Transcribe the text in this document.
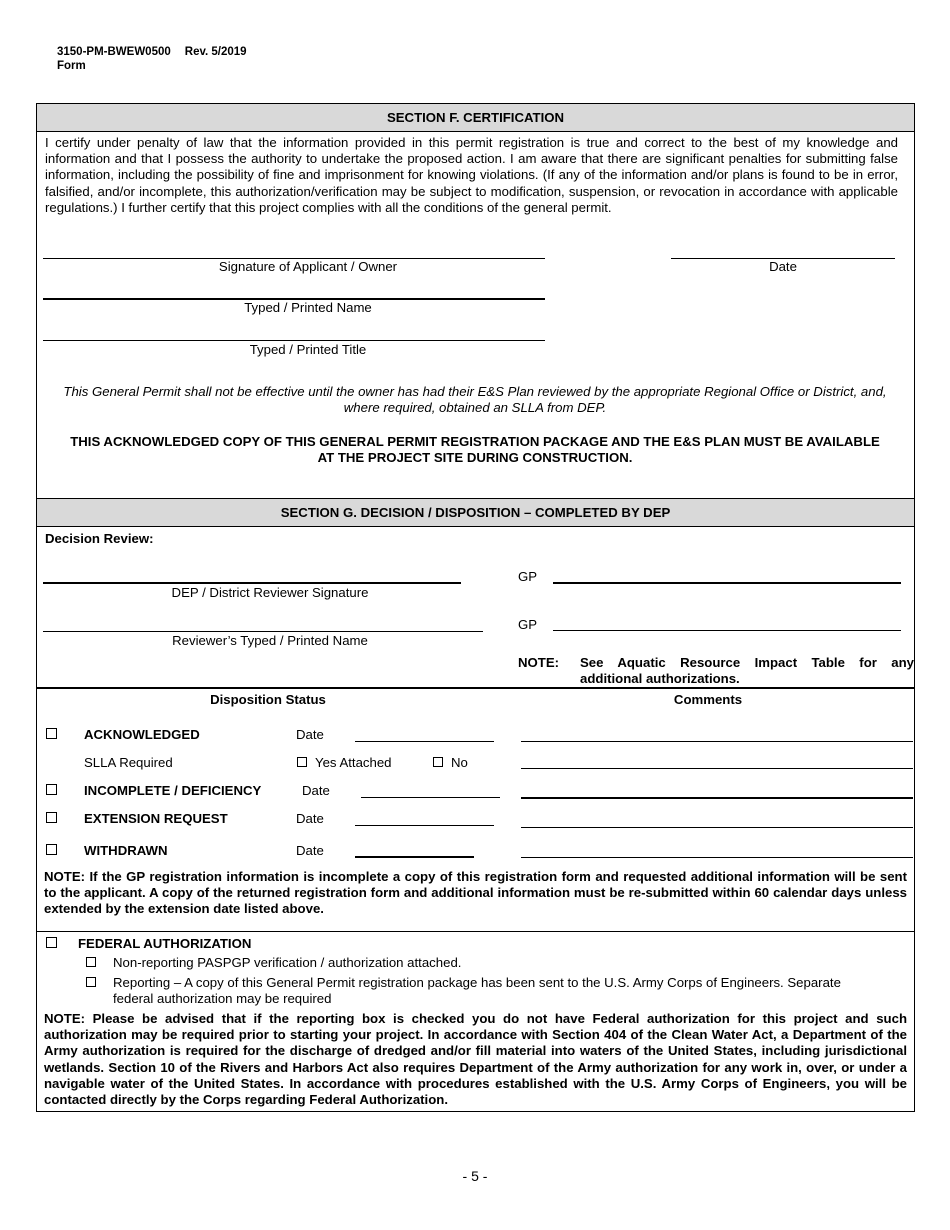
3150-PM-BWEW0500 Rev. 5/2019
Form
SECTION F. CERTIFICATION
I certify under penalty of law that the information provided in this permit registration is true and correct to the best of my knowledge and information and that I possess the authority to undertake the proposed action. I am aware that there are significant penalties for submitting false information, including the possibility of fine and imprisonment for knowing violations. (If any of the information and/or plans is found to be in error, falsified, and/or incomplete, this authorization/verification may be subject to modification, suspension, or revocation in accordance with applicable regulations.) I further certify that this project complies with all the conditions of the general permit.
Signature of Applicant / Owner	Date
Typed / Printed Name
Typed / Printed Title
This General Permit shall not be effective until the owner has had their E&S Plan reviewed by the appropriate Regional Office or District, and, where required, obtained an SLLA from DEP.
THIS ACKNOWLEDGED COPY OF THIS GENERAL PERMIT REGISTRATION PACKAGE AND THE E&S PLAN MUST BE AVAILABLE AT THE PROJECT SITE DURING CONSTRUCTION.
SECTION G. DECISION / DISPOSITION – COMPLETED BY DEP
Decision Review:
DEP / District Reviewer Signature
GP
Reviewer’s Typed / Printed Name
GP
NOTE: See Aquatic Resource Impact Table for any additional authorizations.
Disposition Status	Comments
ACKNOWLEDGED	Date
SLLA Required	Yes Attached	No
INCOMPLETE / DEFICIENCY	Date
EXTENSION REQUEST	Date
WITHDRAWN	Date
NOTE: If the GP registration information is incomplete a copy of this registration form and requested additional information will be sent to the applicant. A copy of the returned registration form and additional information must be re-submitted within 60 calendar days unless extended by the extension date listed above.
FEDERAL AUTHORIZATION
Non-reporting PASPGP verification / authorization attached.
Reporting – A copy of this General Permit registration package has been sent to the U.S. Army Corps of Engineers. Separate
federal authorization may be required
NOTE: Please be advised that if the reporting box is checked you do not have Federal authorization for this project and such authorization may be required prior to starting your project. In accordance with Section 404 of the Clean Water Act, a Department of the Army authorization is required for the discharge of dredged and/or fill material into waters of the United States, including jurisdictional wetlands. Section 10 of the Rivers and Harbors Act also requires Department of the Army authorization for any work in, over, or under a navigable water of the United States. In accordance with procedures established with the U.S. Army Corps of Engineers, you will be contacted directly by the Corps regarding Federal Authorization.
- 5 -
